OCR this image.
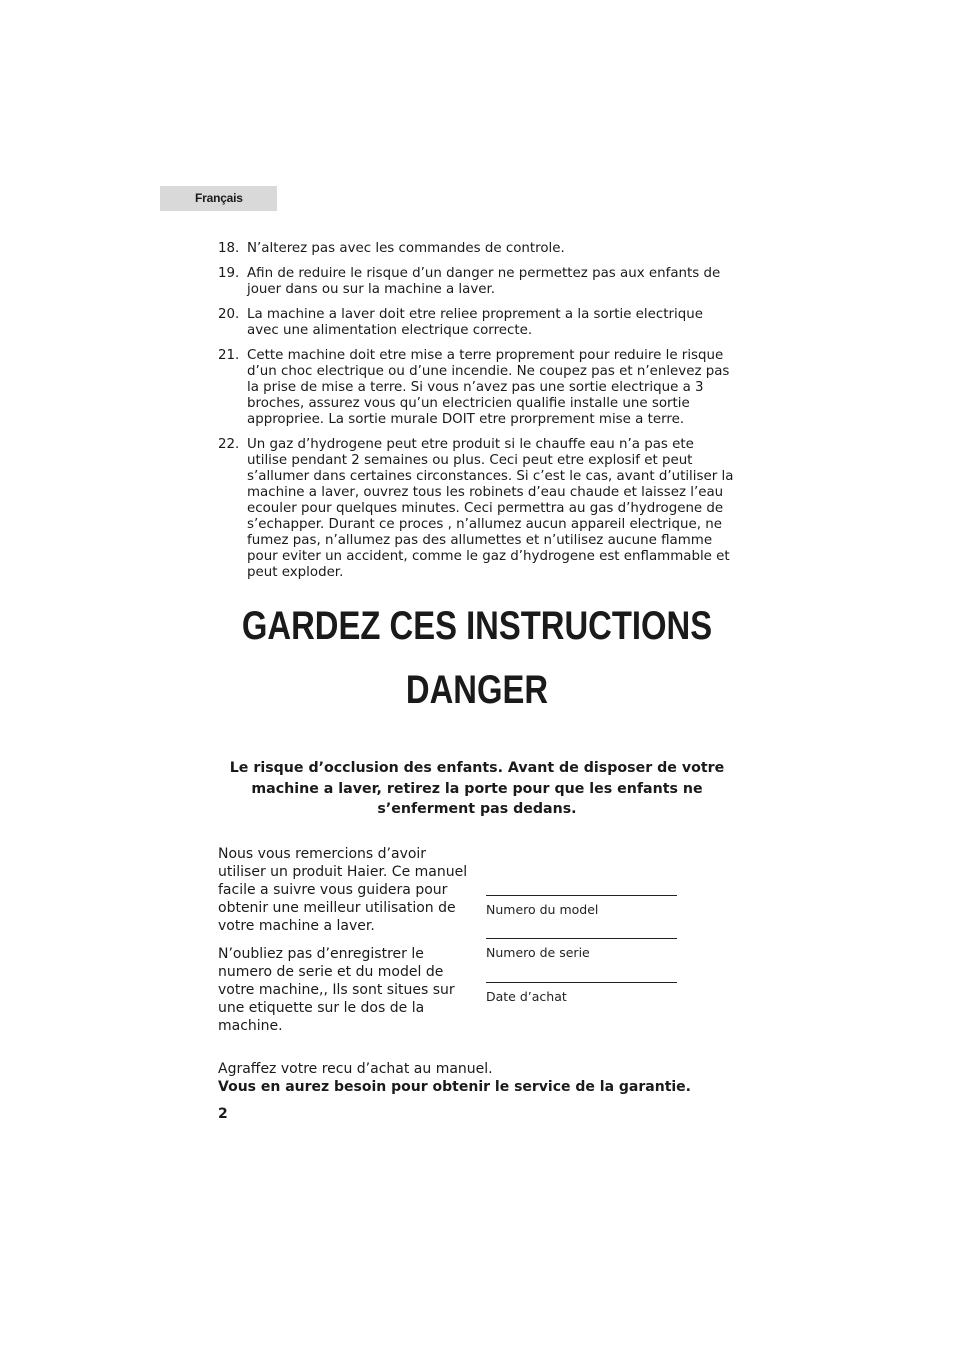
Français
18. N’alterez pas avec les commandes de controle.
19. Afin de reduire le risque d’un danger ne permettez pas aux enfants de jouer dans ou sur la machine a laver.
20. La machine a laver doit etre reliee proprement a la sortie electrique avec une alimentation electrique correcte.
21. Cette machine doit etre mise a terre proprement pour reduire le risque d’un choc electrique ou d’une incendie. Ne coupez pas et n’enlevez pas la prise de mise a terre. Si vous n’avez pas une sortie electrique a 3 broches, assurez vous qu’un electricien qualifie installe une sortie appropriee. La sortie murale DOIT etre prorprement mise a terre.
22. Un gaz d’hydrogene peut etre produit si le chauffe eau n’a pas ete utilise pendant 2 semaines ou plus. Ceci peut etre explosif et peut s’allumer dans certaines circonstances. Si c’est le cas, avant d’utiliser la machine a laver, ouvrez tous les robinets d’eau chaude et laissez l’eau ecouler pour quelques minutes. Ceci permettra au gas d’hydrogene de s’echapper. Durant ce proces , n’allumez aucun appareil electrique, ne fumez pas, n’allumez pas des allumettes et n’utilisez aucune flamme pour eviter un accident, comme le gaz d’hydrogene est enflammable et peut exploder.
GARDEZ CES INSTRUCTIONS
DANGER
Le risque d’occlusion des enfants. Avant de disposer de votre machine a laver, retirez la porte pour que les enfants ne s’enferment pas dedans.

Nous vous remercions d’avoir utiliser un produit Haier. Ce manuel facile a suivre vous guidera pour obtenir une meilleur utilisation de votre machine a laver.

N’oubliez pas d’enregistrer le numero de serie et du model de votre machine,, Ils sont situes sur une etiquette sur le dos de la machine.

Numero du model
Numero de serie
Date d’achat
Agraffez votre recu d’achat au manuel.
Vous en aurez besoin pour obtenir le service de la garantie.
2
